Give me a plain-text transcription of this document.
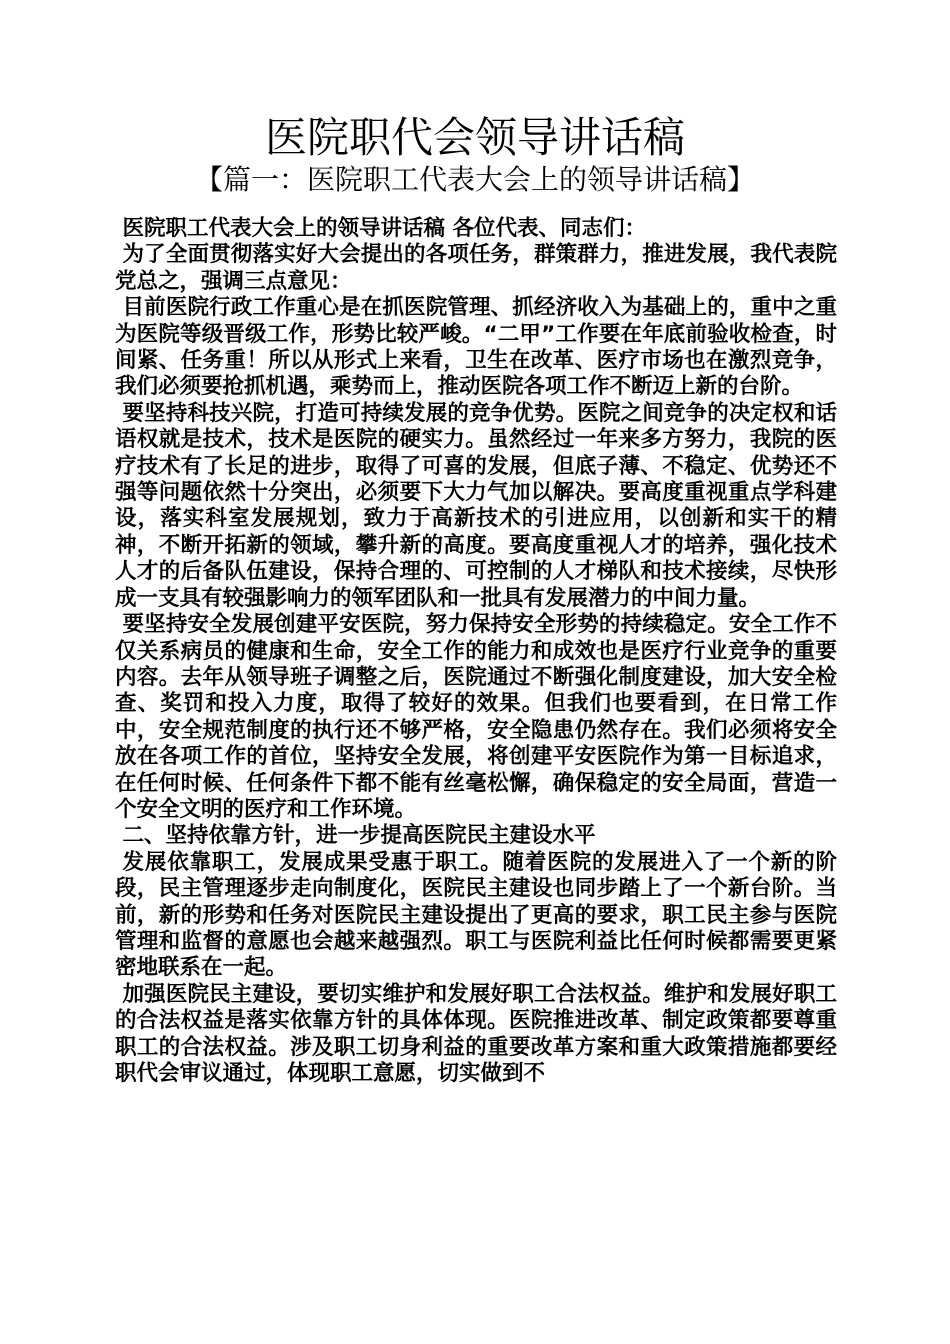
医院职代会领导讲话稿
【篇一：医院职工代表大会上的领导讲话稿】

医院职工代表大会上的领导讲话稿 各位代表、同志们：

为了全面贯彻落实好大会提出的各项任务，群策群力，推进发展，我代表院党总之，强调三点意见：

目前医院行政工作重心是在抓医院管理、抓经济收入为基础上的，重中之重为医院等级晋级工作，形势比较严峻。“二甲”工作要在年底前验收检查，时间紧、任务重！所以从形式上来看，卫生在改革、医疗市场也在激烈竞争，我们必须要抢抓机遇，乘势而上，推动医院各项工作不断迈上新的台阶。

要坚持科技兴院，打造可持续发展的竞争优势。医院之间竞争的决定权和话语权就是技术，技术是医院的硬实力。虽然经过一年来多方努力，我院的医疗技术有了长足的进步，取得了可喜的发展，但底子薄、不稳定、优势还不强等问题依然十分突出，必须要下大力气加以解决。要高度重视重点学科建设，落实科室发展规划，致力于高新技术的引进应用，以创新和实干的精神，不断开拓新的领域，攀升新的高度。要高度重视人才的培养，强化技术人才的后备队伍建设，保持合理的、可控制的人才梯队和技术接续，尽快形成一支具有较强影响力的领军团队和一批具有发展潜力的中间力量。

要坚持安全发展创建平安医院，努力保持安全形势的持续稳定。安全工作不仅关系病员的健康和生命，安全工作的能力和成效也是医疗行业竞争的重要内容。去年从领导班子调整之后，医院通过不断强化制度建设，加大安全检查、奖罚和投入力度，取得了较好的效果。但我们也要看到，在日常工作中，安全规范制度的执行还不够严格，安全隐患仍然存在。我们必须将安全放在各项工作的首位，坚持安全发展，将创建平安医院作为第一目标追求，在任何时候、任何条件下都不能有丝毫松懈，确保稳定的安全局面，营造一个安全文明的医疗和工作环境。

二、坚持依靠方针，进一步提高医院民主建设水平

发展依靠职工，发展成果受惠于职工。随着医院的发展进入了一个新的阶段，民主管理逐步走向制度化，医院民主建设也同步踏上了一个新台阶。当前，新的形势和任务对医院民主建设提出了更高的要求，职工民主参与医院管理和监督的意愿也会越来越强烈。职工与医院利益比任何时候都需要更紧密地联系在一起。

加强医院民主建设，要切实维护和发展好职工合法权益。维护和发展好职工的合法权益是落实依靠方针的具体体现。医院推进改革、制定政策都要尊重职工的合法权益。涉及职工切身利益的重要改革方案和重大政策措施都要经职代会审议通过，体现职工意愿，切实做到不
